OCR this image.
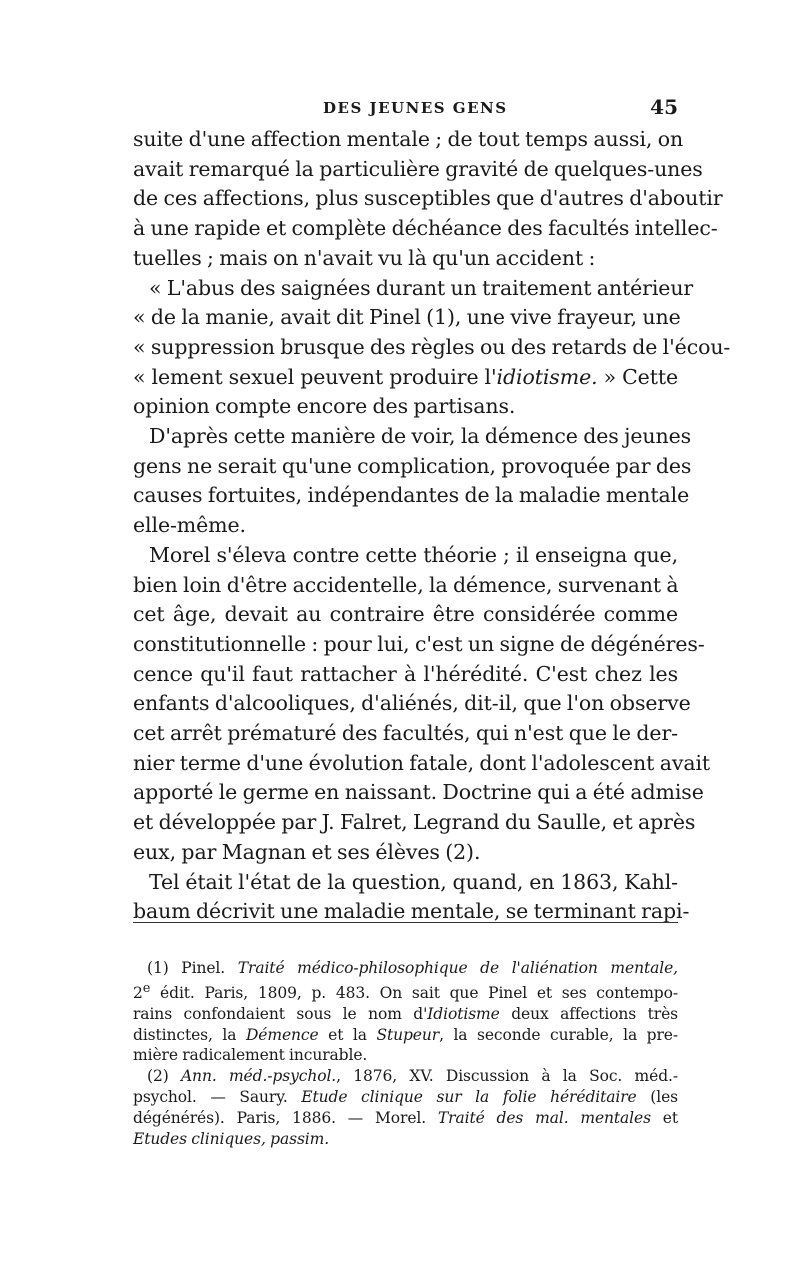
DES JEUNES GENS	45
suite d'une affection mentale ; de tout temps aussi, on
avait remarqué la particulière gravité de quelques-unes
de ces affections, plus susceptibles que d'autres d'aboutir
à une rapide et complète déchéance des facultés intellec-
tuelles ; mais on n'avait vu là qu'un accident :
« L'abus des saignées durant un traitement antérieur
« de la manie, avait dit Pinel (1), une vive frayeur, une
« suppression brusque des règles ou des retards de l'écou-
« lement sexuel peuvent produire l'idiotisme. » Cette
opinion compte encore des partisans.
D'après cette manière de voir, la démence des jeunes
gens ne serait qu'une complication, provoquée par des
causes fortuites, indépendantes de la maladie mentale
elle-même.
Morel s'éleva contre cette théorie ; il enseigna que,
bien loin d'être accidentelle, la démence, survenant à
cet âge, devait au contraire être considérée comme
constitutionnelle : pour lui, c'est un signe de dégénéres-
cence qu'il faut rattacher à l'hérédité. C'est chez les
enfants d'alcooliques, d'aliénés, dit-il, que l'on observe
cet arrêt prématuré des facultés, qui n'est que le der-
nier terme d'une évolution fatale, dont l'adolescent avait
apporté le germe en naissant. Doctrine qui a été admise
et développée par J. Falret, Legrand du Saulle, et après
eux, par Magnan et ses élèves (2).
Tel était l'état de la question, quand, en 1863, Kahl-
baum décrivit une maladie mentale, se terminant rapi-
(1) Pinel. Traité médico-philosophique de l'aliénation mentale,
2e édit. Paris, 1809, p. 483. On sait que Pinel et ses contempo-
rains confondaient sous le nom d'Idiotisme deux affections très
distinctes, la Démence et la Stupeur, la seconde curable, la pre-
mière radicalement incurable.
(2) Ann. méd.-psychol., 1876, XV. Discussion à la Soc. méd.-
psychol. — Saury. Etude clinique sur la folie héréditaire (les
dégénérés). Paris, 1886. — Morel. Traité des mal. mentales et
Etudes cliniques, passim.
